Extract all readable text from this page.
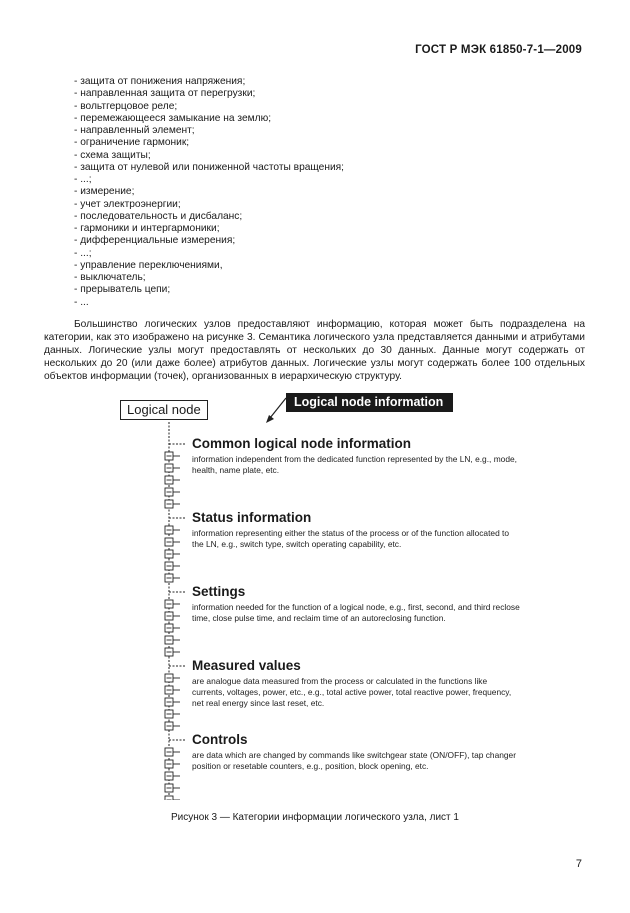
ГОСТ Р МЭК 61850-7-1—2009
- защита от понижения напряжения;
- направленная защита от перегрузки;
- вольтгерцовое реле;
- перемежающееся замыкание на землю;
- направленный элемент;
- ограничение гармоник;
- схема защиты;
- защита от нулевой или пониженной частоты вращения;
- ...;
- измерение;
- учет электроэнергии;
- последовательность и дисбаланс;
- гармоники и интергармоники;
- дифференциальные измерения;
- ...;
- управление переключениями,
- выключатель;
- прерыватель цепи;
- ...

Большинство логических узлов предоставляют информацию, которая может быть подразделена на категории, как это изображено на рисунке 3. Семантика логического узла представляется данными и атрибутами данных. Логические узлы могут предоставлять от нескольких до 30 данных. Данные могут содержать от нескольких до 20 (или даже более) атрибутов данных. Логические узлы могут содержать более 100 отдельных объектов информации (точек), организованных в иерархическую структуру.

Logical node	Logical node information
Common logical node information
information independent from the dedicated function represented by the LN, e.g., mode, health, name plate, etc.
Status information
information representing either the status of the process or of the function allocated to the LN, e.g., switch type, switch operating capability, etc.
Settings
information needed for the function of a logical node, e.g., first, second, and third reclose time, close pulse time, and reclaim time of an autoreclosing function.
Measured values
are analogue data measured from the process or calculated in the functions like currents, voltages, power, etc., e.g., total active power, total reactive power, frequency, net real energy since last reset, etc.
Controls
are data which are changed by commands like switchgear state (ON/OFF), tap changer position or resetable counters, e.g., position, block opening, etc.
Рисунок 3 — Категории информации логического узла, лист 1
7
